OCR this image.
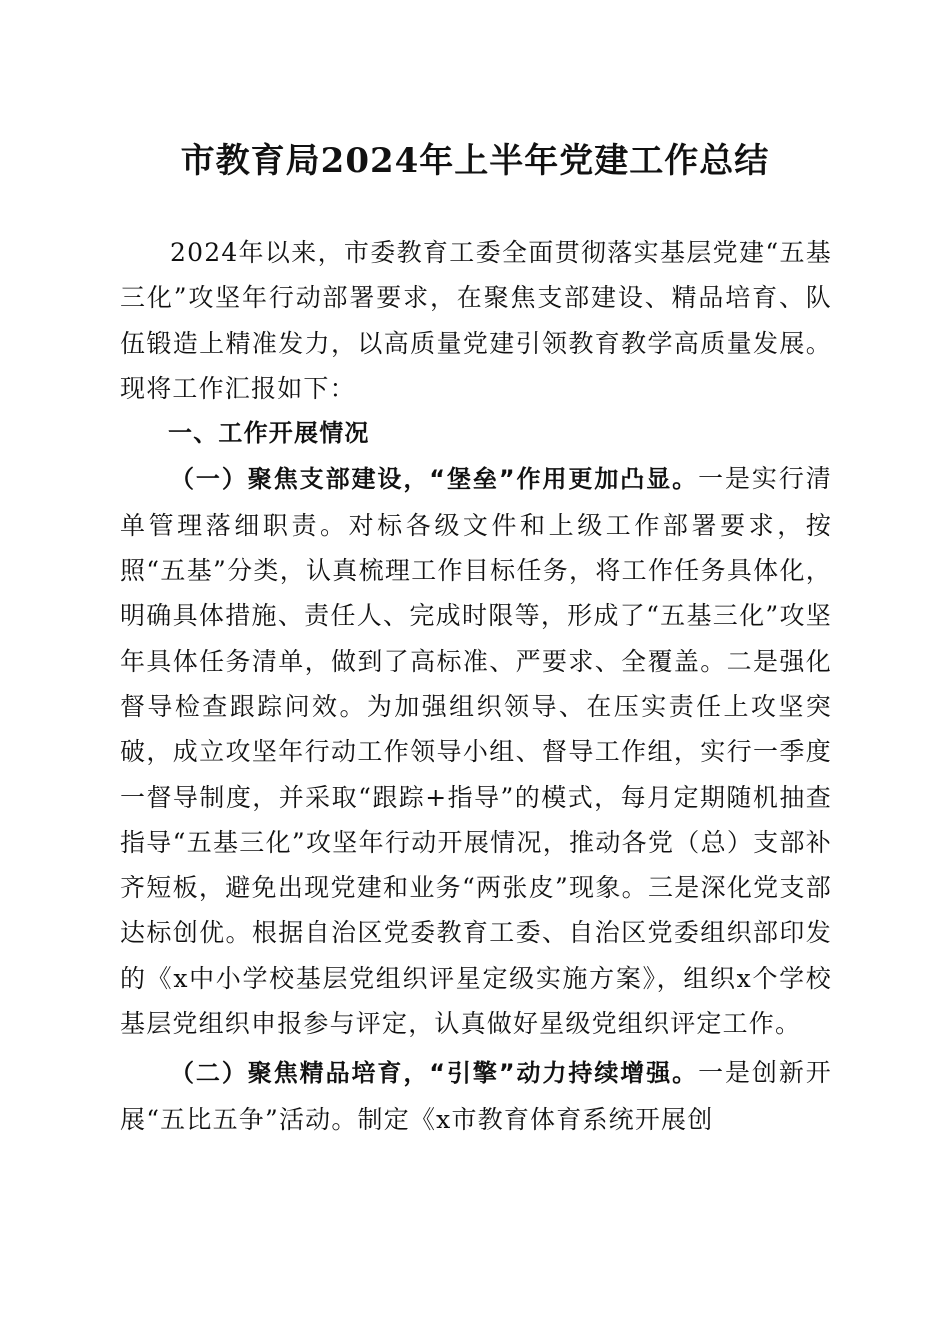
市教育局2024年上半年党建工作总结

2024年以来，市委教育工委全面贯彻落实基层党建“五基三化”攻坚年行动部署要求，在聚焦支部建设、精品培育、队伍锻造上精准发力，以高质量党建引领教育教学高质量发展。现将工作汇报如下：

一、工作开展情况

（一）聚焦支部建设，“堡垒”作用更加凸显。一是实行清单管理落细职责。对标各级文件和上级工作部署要求，按照“五基”分类，认真梳理工作目标任务，将工作任务具体化，明确具体措施、责任人、完成时限等，形成了“五基三化”攻坚年具体任务清单，做到了高标准、严要求、全覆盖。二是强化督导检查跟踪问效。为加强组织领导、在压实责任上攻坚突破，成立攻坚年行动工作领导小组、督导工作组，实行一季度一督导制度，并采取“跟踪+指导”的模式，每月定期随机抽查指导“五基三化”攻坚年行动开展情况，推动各党（总）支部补齐短板，避免出现党建和业务“两张皮”现象。三是深化党支部达标创优。根据自治区党委教育工委、自治区党委组织部印发的《x中小学校基层党组织评星定级实施方案》，组织x个学校基层党组织申报参与评定，认真做好星级党组织评定工作。

（二）聚焦精品培育，“引擎”动力持续增强。一是创新开展“五比五争”活动。制定《x市教育体育系统开展创
